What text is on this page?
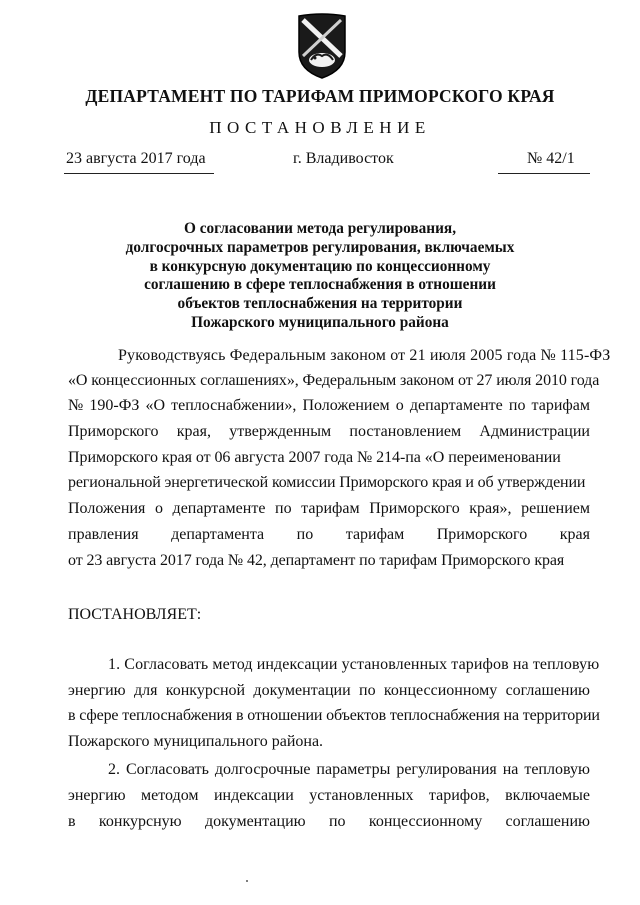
ДЕПАРТАМЕНТ ПО ТАРИФАМ ПРИМОРСКОГО КРАЯ
ПОСТАНОВЛЕНИЕ
23 августа 2017 года	г. Владивосток	№ 42/1
О согласовании метода регулирования,
долгосрочных параметров регулирования, включаемых
в конкурсную документацию по концессионному
соглашению в сфере теплоснабжения в отношении
объектов теплоснабжения на территории
Пожарского муниципального района
Руководствуясь Федеральным законом от 21 июля 2005 года № 115-ФЗ
«О концессионных соглашениях», Федеральным законом от 27 июля 2010 года
№ 190-ФЗ «О теплоснабжении», Положением о департаменте по тарифам
Приморского края, утвержденным постановлением Администрации
Приморского края от 06 августа 2007 года № 214-па «О переименовании
региональной энергетической комиссии Приморского края и об утверждении
Положения о департаменте по тарифам Приморского края», решением
правления департамента по тарифам Приморского края
от 23 августа 2017 года № 42, департамент по тарифам Приморского края
ПОСТАНОВЛЯЕТ:
1. Согласовать метод индексации установленных тарифов на тепловую
энергию для конкурсной документации по концессионному соглашению
в сфере теплоснабжения в отношении объектов теплоснабжения на территории
Пожарского муниципального района.
2. Согласовать долгосрочные параметры регулирования на тепловую
энергию методом индексации установленных тарифов, включаемые
в конкурсную документацию по концессионному соглашению
